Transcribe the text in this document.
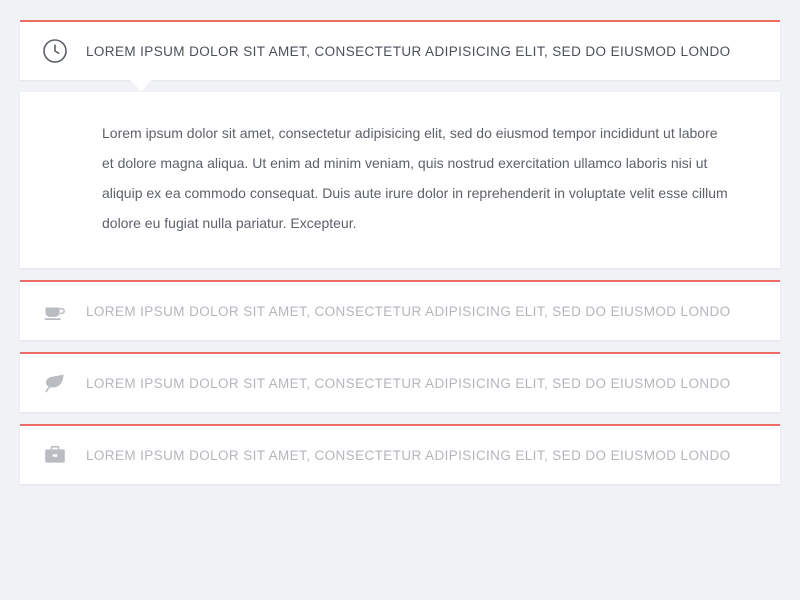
LOREM IPSUM DOLOR SIT AMET, CONSECTETUR ADIPISICING ELIT, SED DO EIUSMOD LONDO

Lorem ipsum dolor sit amet, consectetur adipisicing elit, sed do eiusmod tempor incididunt ut labore et dolore magna aliqua. Ut enim ad minim veniam, quis nostrud exercitation ullamco laboris nisi ut aliquip ex ea commodo consequat. Duis aute irure dolor in reprehenderit in voluptate velit esse cillum dolore eu fugiat nulla pariatur. Excepteur.

LOREM IPSUM DOLOR SIT AMET, CONSECTETUR ADIPISICING ELIT, SED DO EIUSMOD LONDO
LOREM IPSUM DOLOR SIT AMET, CONSECTETUR ADIPISICING ELIT, SED DO EIUSMOD LONDO
LOREM IPSUM DOLOR SIT AMET, CONSECTETUR ADIPISICING ELIT, SED DO EIUSMOD LONDO
